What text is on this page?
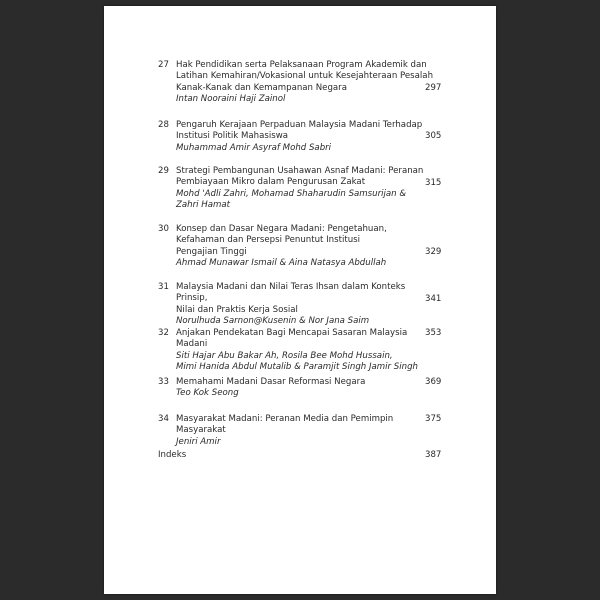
27 Hak Pendidikan serta Pelaksanaan Program Akademik dan
Latihan Kemahiran/Vokasional untuk Kesejahteraan Pesalah
Kanak-Kanak dan Kemampanan Negara
Intan Nooraini Haji Zainol
297
28 Pengaruh Kerajaan Perpaduan Malaysia Madani Terhadap
Institusi Politik Mahasiswa
Muhammad Amir Asyraf Mohd Sabri
305
29 Strategi Pembangunan Usahawan Asnaf Madani: Peranan
Pembiayaan Mikro dalam Pengurusan Zakat
Mohd 'Adli Zahri, Mohamad Shaharudin Samsurijan &
Zahri Hamat
315
30 Konsep dan Dasar Negara Madani: Pengetahuan,
Kefahaman dan Persepsi Penuntut Institusi
Pengajian Tinggi
Ahmad Munawar Ismail & Aina Natasya Abdullah
329
31 Malaysia Madani dan Nilai Teras Ihsan dalam Konteks Prinsip,
Nilai dan Praktis Kerja Sosial
Norulhuda Sarnon@Kusenin & Nor Jana Saim
341
32 Anjakan Pendekatan Bagi Mencapai Sasaran Malaysia Madani
Siti Hajar Abu Bakar Ah, Rosila Bee Mohd Hussain,
Mimi Hanida Abdul Mutalib & Paramjit Singh Jamir Singh
353
33 Memahami Madani Dasar Reformasi Negara
Teo Kok Seong
369
34 Masyarakat Madani: Peranan Media dan Pemimpin Masyarakat
Jeniri Amir
375
Indeks	387
